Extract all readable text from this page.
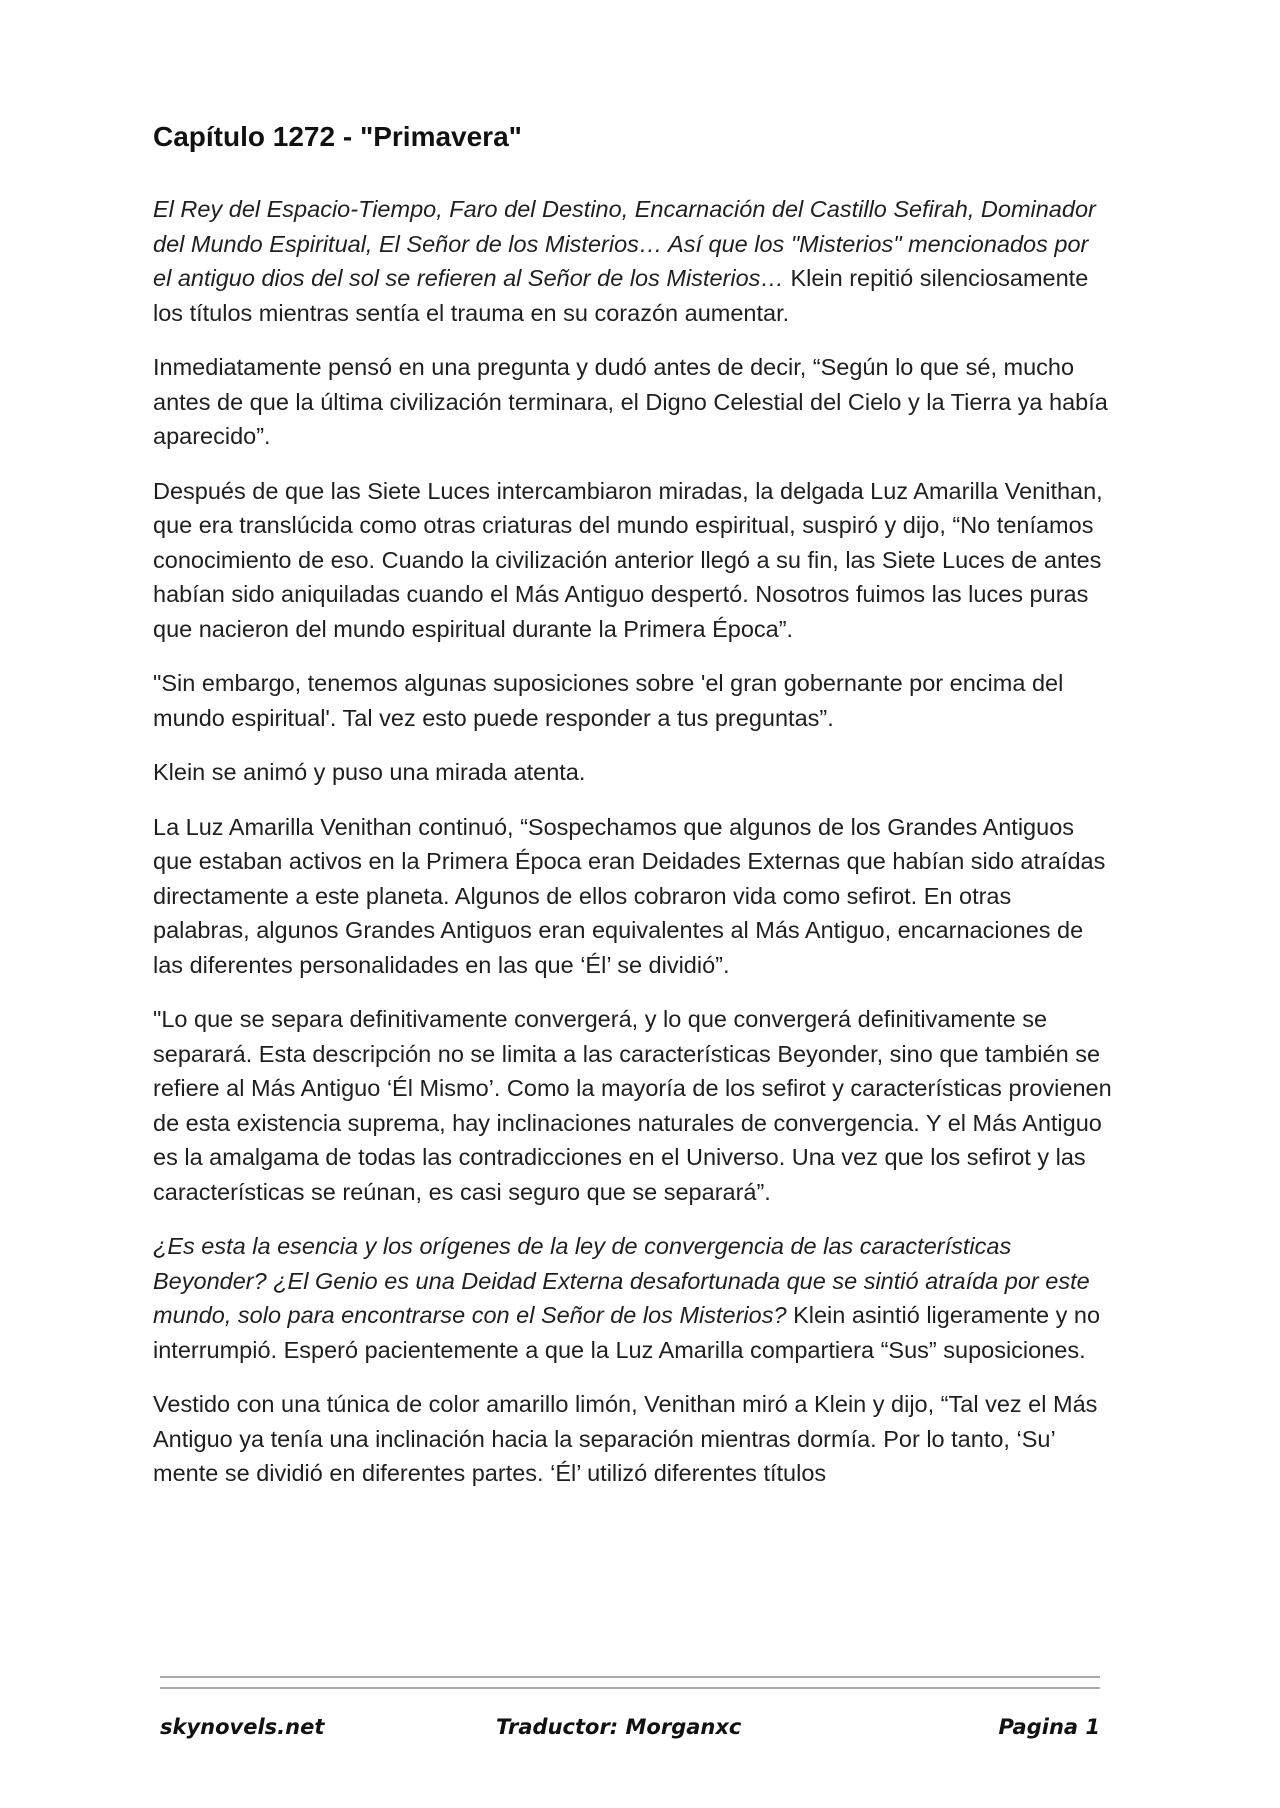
Capítulo 1272 - "Primavera"

El Rey del Espacio-Tiempo, Faro del Destino, Encarnación del Castillo Sefirah, Dominador del Mundo Espiritual, El Señor de los Misterios… Así que los "Misterios" mencionados por el antiguo dios del sol se refieren al Señor de los Misterios… Klein repitió silenciosamente los títulos mientras sentía el trauma en su corazón aumentar.

Inmediatamente pensó en una pregunta y dudó antes de decir, “Según lo que sé, mucho antes de que la última civilización terminara, el Digno Celestial del Cielo y la Tierra ya había aparecido”.

Después de que las Siete Luces intercambiaron miradas, la delgada Luz Amarilla Venithan, que era translúcida como otras criaturas del mundo espiritual, suspiró y dijo, “No teníamos conocimiento de eso. Cuando la civilización anterior llegó a su fin, las Siete Luces de antes habían sido aniquiladas cuando el Más Antiguo despertó. Nosotros fuimos las luces puras que nacieron del mundo espiritual durante la Primera Época”.

"Sin embargo, tenemos algunas suposiciones sobre 'el gran gobernante por encima del mundo espiritual'. Tal vez esto puede responder a tus preguntas”.

Klein se animó y puso una mirada atenta.

La Luz Amarilla Venithan continuó, “Sospechamos que algunos de los Grandes Antiguos que estaban activos en la Primera Época eran Deidades Externas que habían sido atraídas directamente a este planeta. Algunos de ellos cobraron vida como sefirot. En otras palabras, algunos Grandes Antiguos eran equivalentes al Más Antiguo, encarnaciones de las diferentes personalidades en las que ‘Él’ se dividió”.

"Lo que se separa definitivamente convergerá, y lo que convergerá definitivamente se separará. Esta descripción no se limita a las características Beyonder, sino que también se refiere al Más Antiguo ‘Él Mismo’. Como la mayoría de los sefirot y características provienen de esta existencia suprema, hay inclinaciones naturales de convergencia. Y el Más Antiguo es la amalgama de todas las contradicciones en el Universo. Una vez que los sefirot y las características se reúnan, es casi seguro que se separará”.

¿Es esta la esencia y los orígenes de la ley de convergencia de las características Beyonder? ¿El Genio es una Deidad Externa desafortunada que se sintió atraída por este mundo, solo para encontrarse con el Señor de los Misterios? Klein asintió ligeramente y no interrumpió. Esperó pacientemente a que la Luz Amarilla compartiera “Sus” suposiciones.

Vestido con una túnica de color amarillo limón, Venithan miró a Klein y dijo, “Tal vez el Más Antiguo ya tenía una inclinación hacia la separación mientras dormía. Por lo tanto, ‘Su’ mente se dividió en diferentes partes. ‘Él’ utilizó diferentes títulos

skynovels.net	Traductor: Morganxc	Pagina 1
